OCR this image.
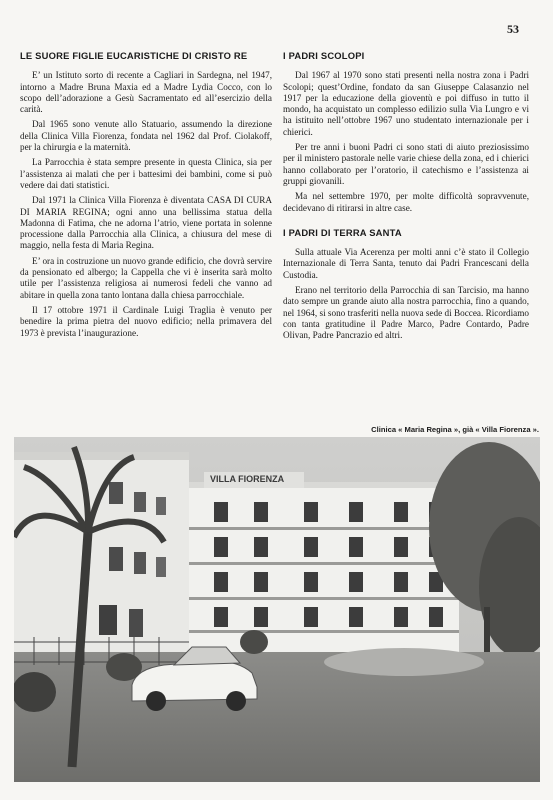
53
LE SUORE FIGLIE EUCARISTICHE DI CRISTO RE

E’ un Istituto sorto di recente a Cagliari in Sardegna, nel 1947, intorno a Madre Bruna Maxia ed a Madre Lydia Cocco, con lo scopo dell’adorazione a Gesù Sacramentato ed all’esercizio della carità.

Dal 1965 sono venute allo Statuario, assumendo la direzione della Clinica Villa Fiorenza, fondata nel 1962 dal Prof. Ciolakoff, per la chirurgia e la maternità.

La Parrocchia è stata sempre presente in questa Clinica, sia per l’assistenza ai malati che per i battesimi dei bambini, come si può vedere dai dati statistici.

Dal 1971 la Clinica Villa Fiorenza è diventata CASA DI CURA DI MARIA REGINA; ogni anno una bellissima statua della Madonna di Fatima, che ne adorna l’atrio, viene portata in solenne processione dalla Parrocchia alla Clinica, a chiusura del mese di maggio, nella festa di Maria Regina.

E’ ora in costruzione un nuovo grande edificio, che dovrà servire da pensionato ed albergo; la Cappella che vi è inserita sarà molto utile per l’assistenza religiosa ai numerosi fedeli che vanno ad abitare in quella zona tanto lontana dalla chiesa parrocchiale.

Il 17 ottobre 1971 il Cardinale Luigi Traglia è venuto per benedire la prima pietra del nuovo edificio; nella primavera del 1973 è prevista l’inaugurazione.

I PADRI SCOLOPI

Dal 1967 al 1970 sono stati presenti nella nostra zona i Padri Scolopi; quest’Ordine, fondato da san Giuseppe Calasanzio nel 1917 per la educazione della gioventù e poi diffuso in tutto il mondo, ha acquistato un complesso edilizio sulla Via Lungro e vi ha istituito nell’ottobre 1967 uno studentato internazionale per i chierici.

Per tre anni i buoni Padri ci sono stati di aiuto preziosissimo per il ministero pastorale nelle varie chiese della zona, ed i chierici hanno collaborato per l’oratorio, il catechismo e l’assistenza ai gruppi giovanili.

Ma nel settembre 1970, per molte difficoltà sopravvenute, decidevano di ritirarsi in altre case.

I PADRI DI TERRA SANTA

Sulla attuale Via Acerenza per molti anni c’è stato il Collegio Internazionale di Terra Santa, tenuto dai Padri Francescani della Custodia.

Erano nel territorio della Parrocchia di san Tarcisio, ma hanno dato sempre un grande aiuto alla nostra parrocchia, fino a quando, nel 1964, si sono trasferiti nella nuova sede di Boccea. Ricordiamo con tanta gratitudine il Padre Marco, Padre Contardo, Padre Olivan, Padre Pancrazio ed altri.

Clinica « Maria Regina », già « Villa Fiorenza ».
VILLA FIORENZA
